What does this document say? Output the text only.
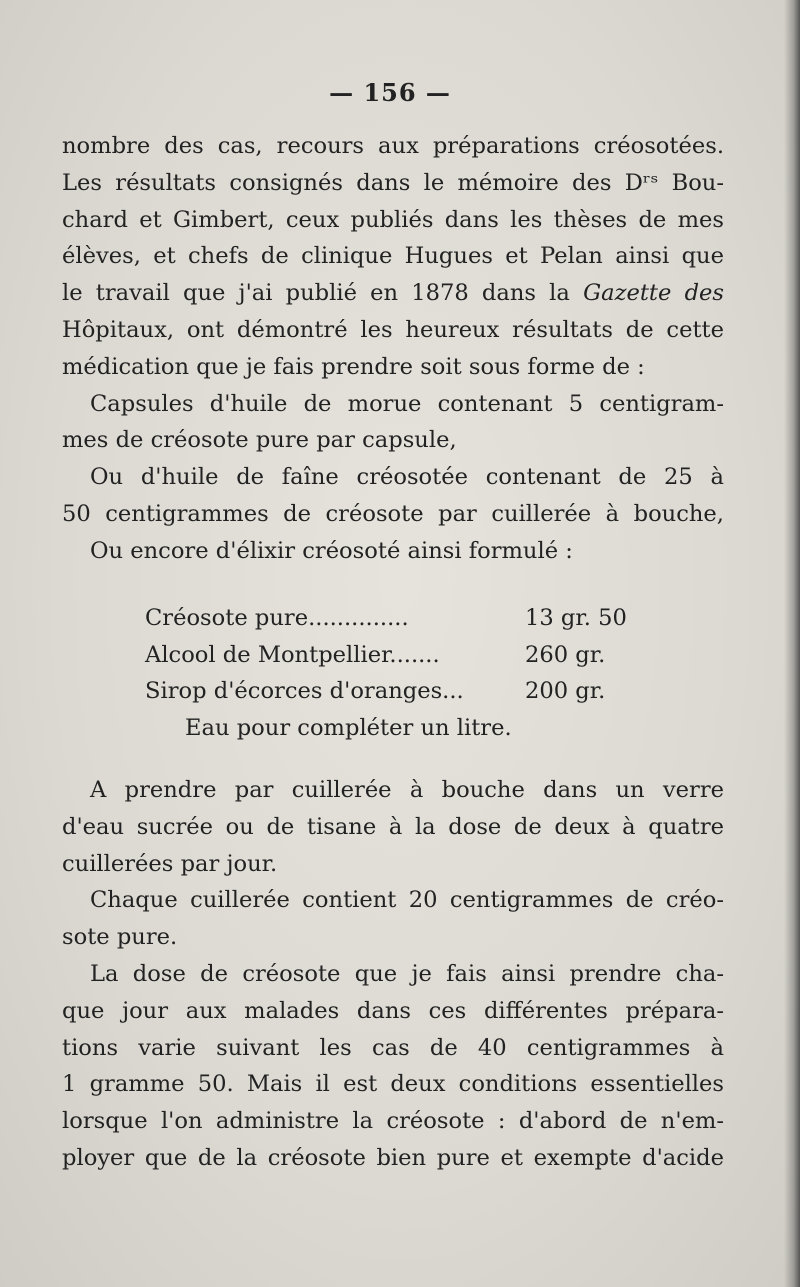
— 156 —
nombre des cas, recours aux préparations créosotées.
Les résultats consignés dans le mémoire des Dʳˢ Bou-
chard et Gimbert, ceux publiés dans les thèses de mes
élèves, et chefs de clinique Hugues et Pelan ainsi que
le travail que j'ai publié en 1878 dans la Gazette des
Hôpitaux, ont démontré les heureux résultats de cette
médication que je fais prendre soit sous forme de :
Capsules d'huile de morue contenant 5 centigram-
mes de créosote pure par capsule,
Ou d'huile de faîne créosotée contenant de 25 à
50 centigrammes de créosote par cuillerée à bouche,
Ou encore d'élixir créosoté ainsi formulé :
Créosote pure..............	13 gr. 50
Alcool de Montpellier.......	260 gr.
Sirop d'écorces d'oranges...	200 gr.
Eau pour compléter un litre.
A prendre par cuillerée à bouche dans un verre
d'eau sucrée ou de tisane à la dose de deux à quatre
cuillerées par jour.
Chaque cuillerée contient 20 centigrammes de créo-
sote pure.
La dose de créosote que je fais ainsi prendre cha-
que jour aux malades dans ces différentes prépara-
tions varie suivant les cas de 40 centigrammes à
1 gramme 50. Mais il est deux conditions essentielles
lorsque l'on administre la créosote : d'abord de n'em-
ployer que de la créosote bien pure et exempte d'acide
